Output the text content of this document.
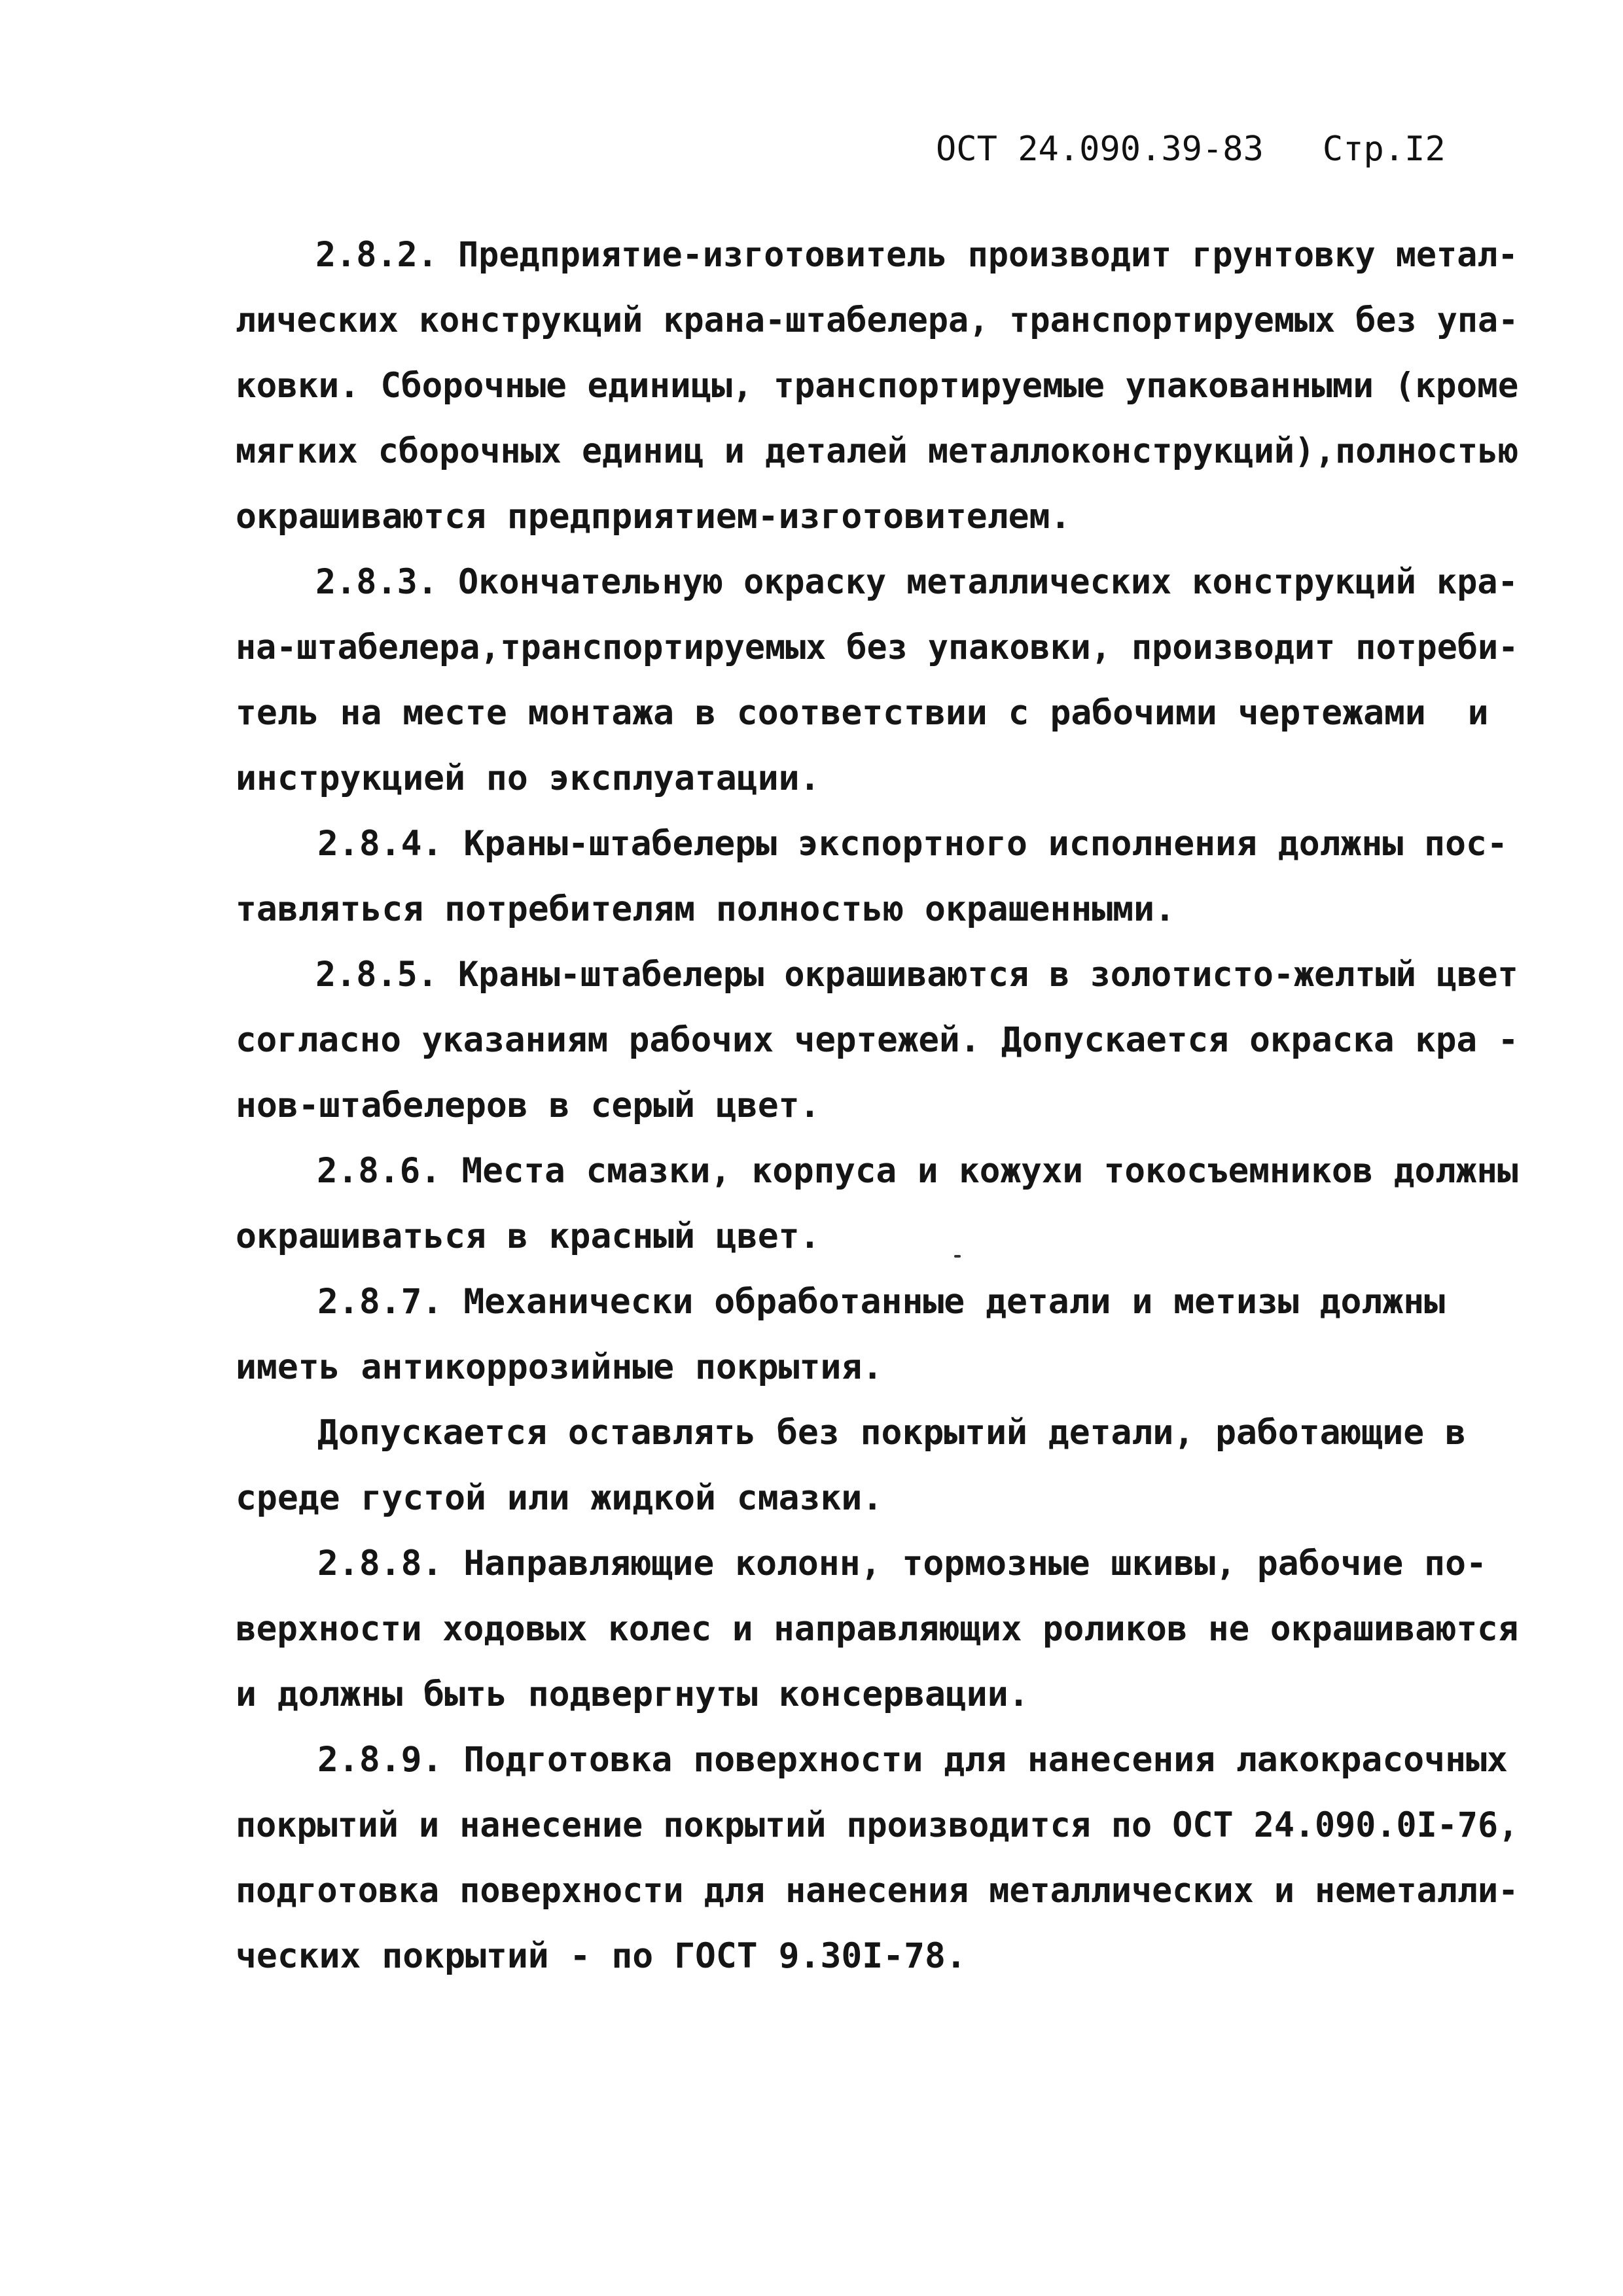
ОСТ 24.090.39-83 Стр.I2
2.8.2. Предприятие-изготовитель производит грунтовку метал-
лических конструкций крана-штабелера, транспортируемых без упа-
ковки. Сборочные единицы, транспортируемые упакованными (кроме
мягких сборочных единиц и деталей металлоконструкций),полностью
окрашиваются предприятием-изготовителем.
2.8.3. Окончательную окраску металлических конструкций кра-
на-штабелера,транспортируемых без упаковки, производит потреби-
тель на месте монтажа в соответствии с рабочими чертежами  и
инструкцией по эксплуатации.
2.8.4. Краны-штабелеры экспортного исполнения должны пос-
тавляться потребителям полностью окрашенными.
2.8.5. Краны-штабелеры окрашиваются в золотисто-желтый цвет
согласно указаниям рабочих чертежей. Допускается окраска кра -
нов-штабелеров в серый цвет.
2.8.6. Места смазки, корпуса и кожухи токосъемников должны
окрашиваться в красный цвет.
2.8.7. Механически обработанные детали и метизы должны
иметь антикоррозийные покрытия.
Допускается оставлять без покрытий детали, работающие в
среде густой или жидкой смазки.
2.8.8. Направляющие колонн, тормозные шкивы, рабочие по-
верхности ходовых колес и направляющих роликов не окрашиваются
и должны быть подвергнуты консервации.
2.8.9. Подготовка поверхности для нанесения лакокрасочных
покрытий и нанесение покрытий производится по ОСТ 24.090.0I-76,
подготовка поверхности для нанесения металлических и неметалли-
ческих покрытий - по ГОСТ 9.30I-78.
